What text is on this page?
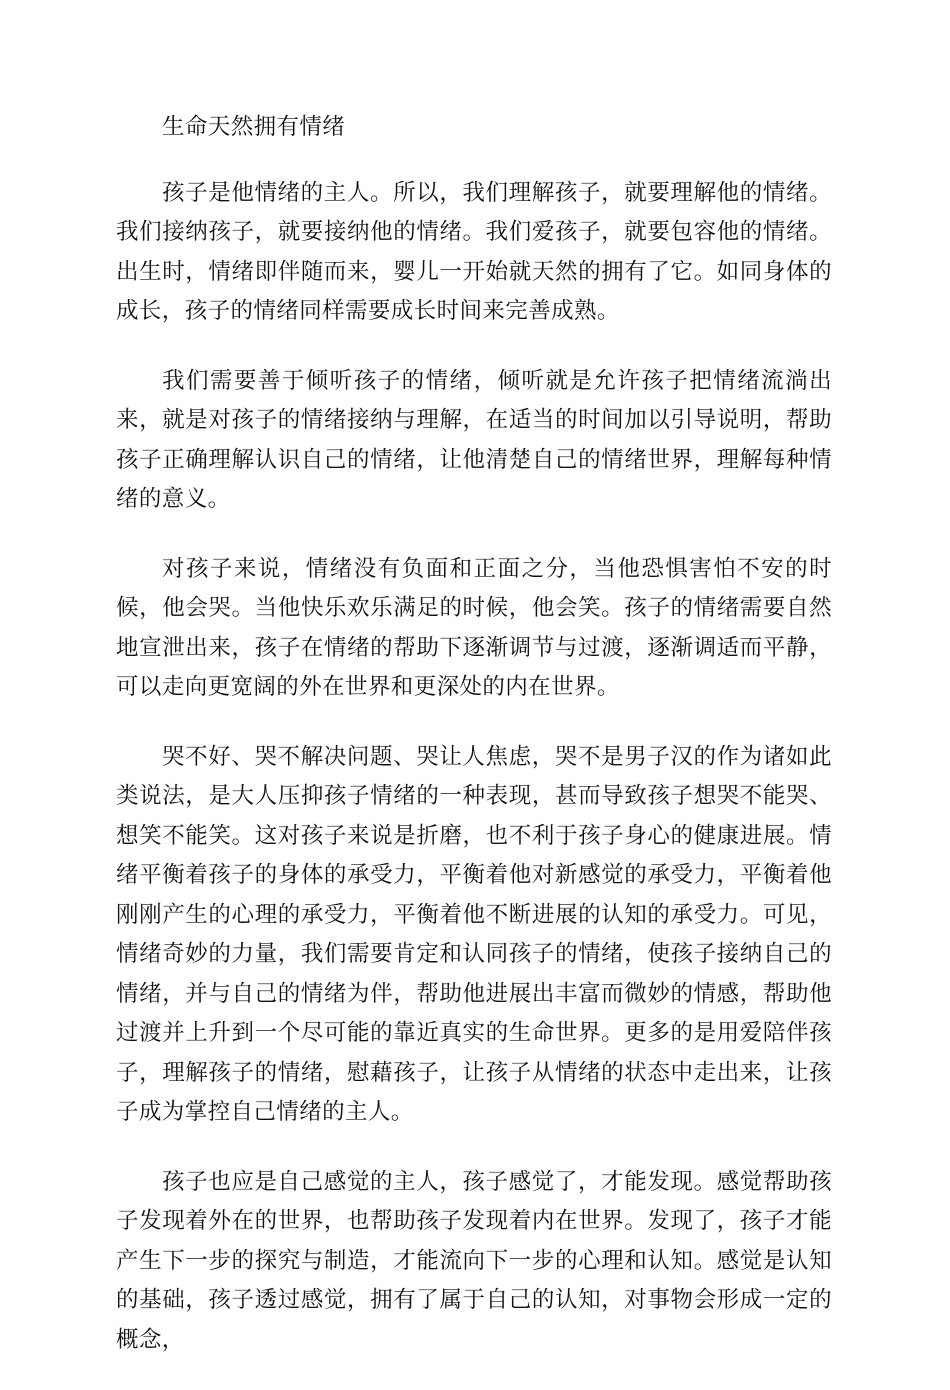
生命天然拥有情绪

孩子是他情绪的主人。所以，我们理解孩子，就要理解他的情绪。我们接纳孩子，就要接纳他的情绪。我们爱孩子，就要包容他的情绪。出生时，情绪即伴随而来，婴儿一开始就天然的拥有了它。如同身体的成长，孩子的情绪同样需要成长时间来完善成熟。

我们需要善于倾听孩子的情绪，倾听就是允许孩子把情绪流淌出来，就是对孩子的情绪接纳与理解，在适当的时间加以引导说明，帮助孩子正确理解认识自己的情绪，让他清楚自己的情绪世界，理解每种情绪的意义。

对孩子来说，情绪没有负面和正面之分，当他恐惧害怕不安的时候，他会哭。当他快乐欢乐满足的时候，他会笑。孩子的情绪需要自然地宣泄出来，孩子在情绪的帮助下逐渐调节与过渡，逐渐调适而平静，可以走向更宽阔的外在世界和更深处的内在世界。

哭不好、哭不解决问题、哭让人焦虑，哭不是男子汉的作为诸如此类说法，是大人压抑孩子情绪的一种表现，甚而导致孩子想哭不能哭、想笑不能笑。这对孩子来说是折磨，也不利于孩子身心的健康进展。情绪平衡着孩子的身体的承受力，平衡着他对新感觉的承受力，平衡着他刚刚产生的心理的承受力，平衡着他不断进展的认知的承受力。可见，情绪奇妙的力量，我们需要肯定和认同孩子的情绪，使孩子接纳自己的情绪，并与自己的情绪为伴，帮助他进展出丰富而微妙的情感，帮助他过渡并上升到一个尽可能的靠近真实的生命世界。更多的是用爱陪伴孩子，理解孩子的情绪，慰藉孩子，让孩子从情绪的状态中走出来，让孩子成为掌控自己情绪的主人。

孩子也应是自己感觉的主人，孩子感觉了，才能发现。感觉帮助孩子发现着外在的世界，也帮助孩子发现着内在世界。发现了，孩子才能产生下一步的探究与制造，才能流向下一步的心理和认知。感觉是认知的基础，孩子透过感觉，拥有了属于自己的认知，对事物会形成一定的概念，
